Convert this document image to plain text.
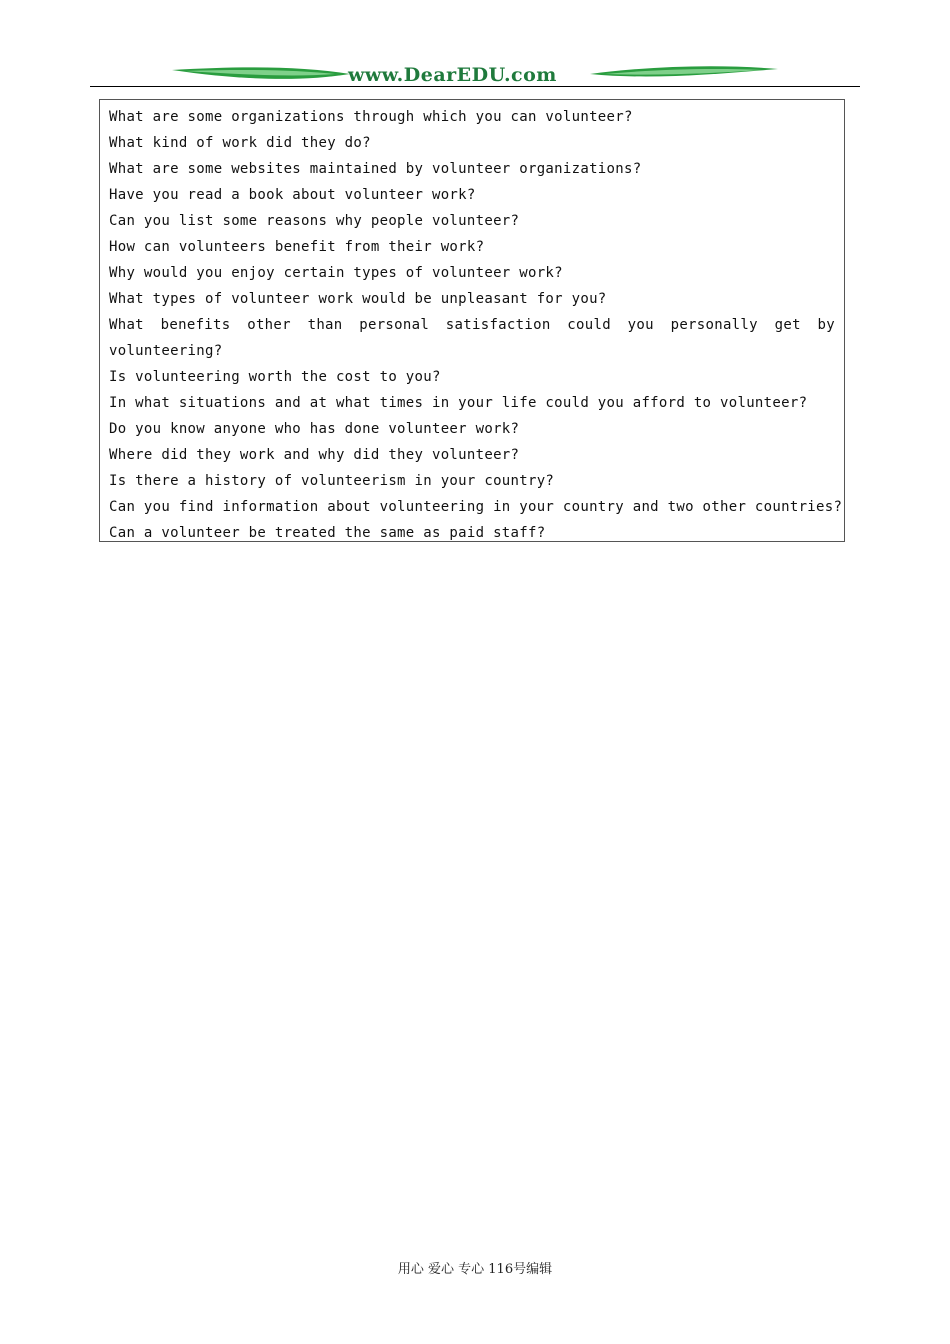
www.DearEDU.com
What are some organizations through which you can volunteer?
What kind of work did they do?
What are some websites maintained by volunteer organizations?
Have you read a book about volunteer work?
Can you list some reasons why people volunteer?
How can volunteers benefit from their work?
Why would you enjoy certain types of volunteer work?
What types of volunteer work would be unpleasant for you?
What benefits other than personal satisfaction could you personally get by
volunteering?
Is volunteering worth the cost to you?
In what situations and at what times in your life could you afford to volunteer?
Do you know anyone who has done volunteer work?
Where did they work and why did they volunteer?
Is there a history of volunteerism in your country?
Can you find information about volunteering in your country and two other countries?
Can a volunteer be treated the same as paid staff?
用心 爱心 专心 116号编辑
